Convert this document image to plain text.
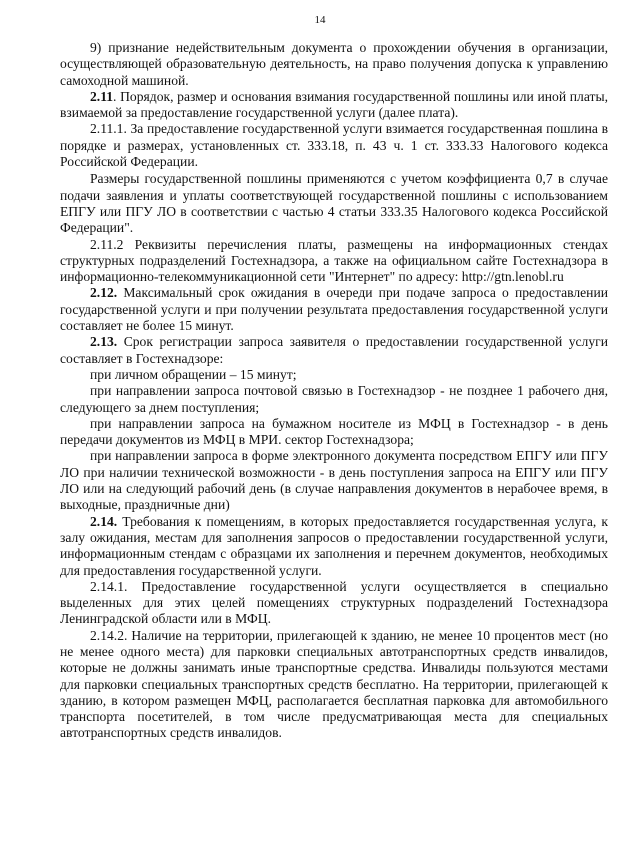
14

9) признание недействительным документа о прохождении обучения в организации, осуществляющей образовательную деятельность, на право получения допуска к управлению самоходной машиной.

2.11. Порядок, размер и основания взимания государственной пошлины или иной платы, взимаемой за предоставление государственной услуги (далее плата).

2.11.1. За предоставление государственной услуги взимается государственная пошлина в порядке и размерах, установленных ст. 333.18, п. 43 ч. 1 ст. 333.33 Налогового кодекса Российской Федерации.

Размеры государственной пошлины применяются с учетом коэффициента 0,7 в случае подачи заявления и уплаты соответствующей государственной пошлины с использованием ЕПГУ или ПГУ ЛО в соответствии с частью 4 статьи 333.35 Налогового кодекса Российской Федерации".

2.11.2 Реквизиты перечисления платы, размещены на информационных стендах структурных подразделений Гостехнадзора, а также на официальном сайте Гостехнадзора в информационно-телекоммуникационной сети "Интернет" по адресу: http://gtn.lenobl.ru

2.12. Максимальный срок ожидания в очереди при подаче запроса о предоставлении государственной услуги и при получении результата предоставления государственной услуги составляет не более 15 минут.

2.13. Срок регистрации запроса заявителя о предоставлении государственной услуги составляет в Гостехнадзоре:

при личном обращении – 15 минут;

при направлении запроса почтовой связью в Гостехнадзор - не позднее 1 рабочего дня, следующего за днем поступления;

при направлении запроса на бумажном носителе из МФЦ в Гостехнадзор - в день передачи документов из МФЦ в МРИ. сектор Гостехнадзора;

при направлении запроса в форме электронного документа посредством ЕПГУ или ПГУ ЛО при наличии технической возможности - в день поступления запроса на ЕПГУ или ПГУ ЛО или на следующий рабочий день (в случае направления документов в нерабочее время, в выходные, праздничные дни)

2.14. Требования к помещениям, в которых предоставляется государственная услуга, к залу ожидания, местам для заполнения запросов о предоставлении государственной услуги, информационным стендам с образцами их заполнения и перечнем документов, необходимых для предоставления государственной услуги.

2.14.1. Предоставление государственной услуги осуществляется в специально выделенных для этих целей помещениях структурных подразделений Гостехнадзора Ленинградской области или в МФЦ.

2.14.2. Наличие на территории, прилегающей к зданию, не менее 10 процентов мест (но не менее одного места) для парковки специальных автотранспортных средств инвалидов, которые не должны занимать иные транспортные средства. Инвалиды пользуются местами для парковки специальных транспортных средств бесплатно. На территории, прилегающей к зданию, в котором размещен МФЦ, располагается бесплатная парковка для автомобильного транспорта посетителей, в том числе предусматривающая места для специальных автотранспортных средств инвалидов.
